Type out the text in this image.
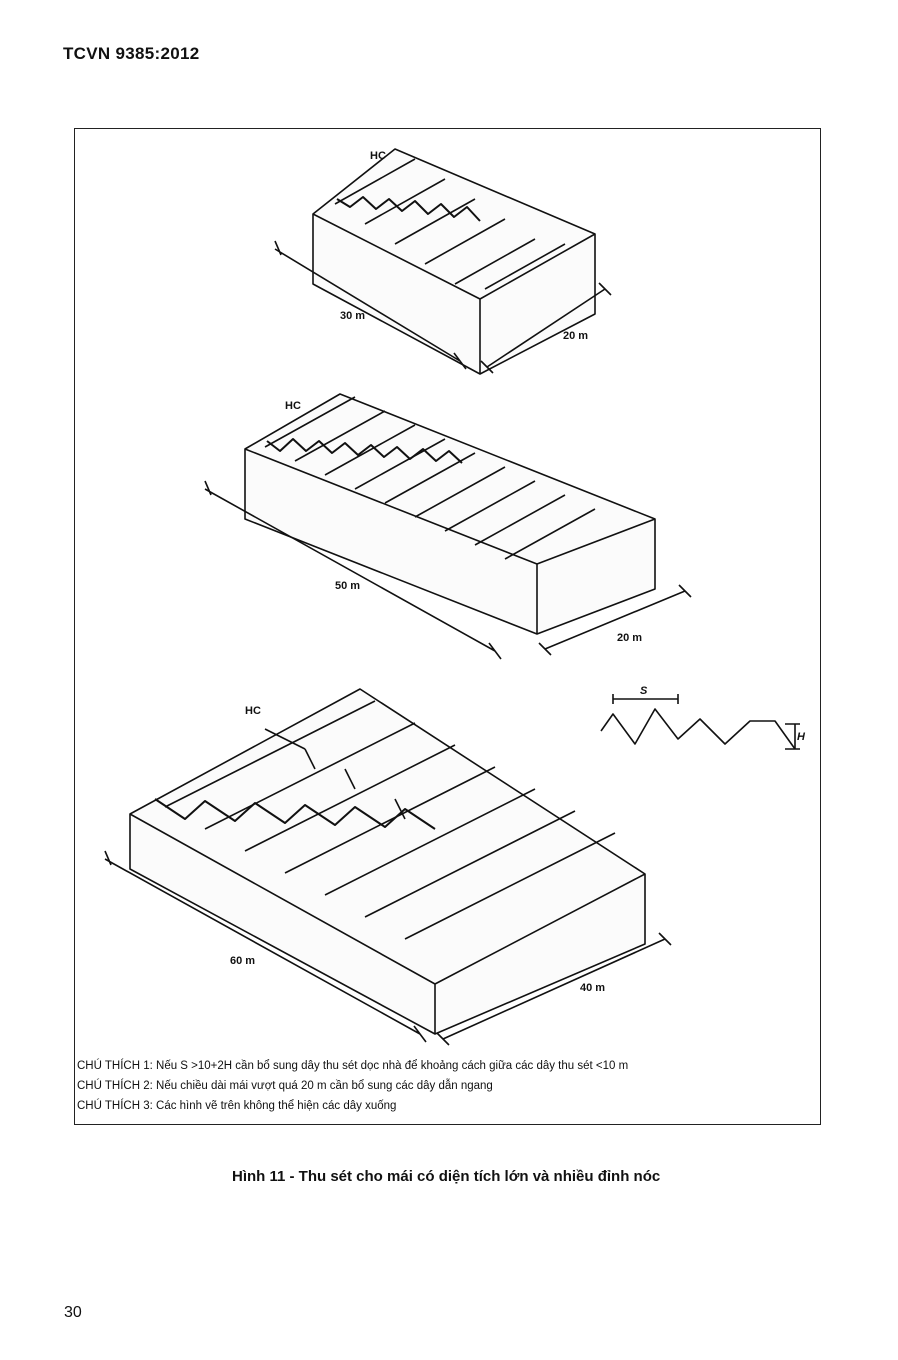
TCVN 9385:2012
30 m
20 m
HC
50 m
20 m
HC
60 m
40 m
HC
S
H
CHÚ THÍCH 1: Nếu S >10+2H cần bổ sung dây thu sét dọc nhà để khoảng cách giữa các dây thu sét <10 m
CHÚ THÍCH 2: Nếu chiều dài mái vượt quá 20 m cần bổ sung các dây dẫn ngang
CHÚ THÍCH 3: Các hình vẽ trên không thể hiện các dây xuống
Hình 11 - Thu sét cho mái có diện tích lớn và nhiều đỉnh nóc
30
